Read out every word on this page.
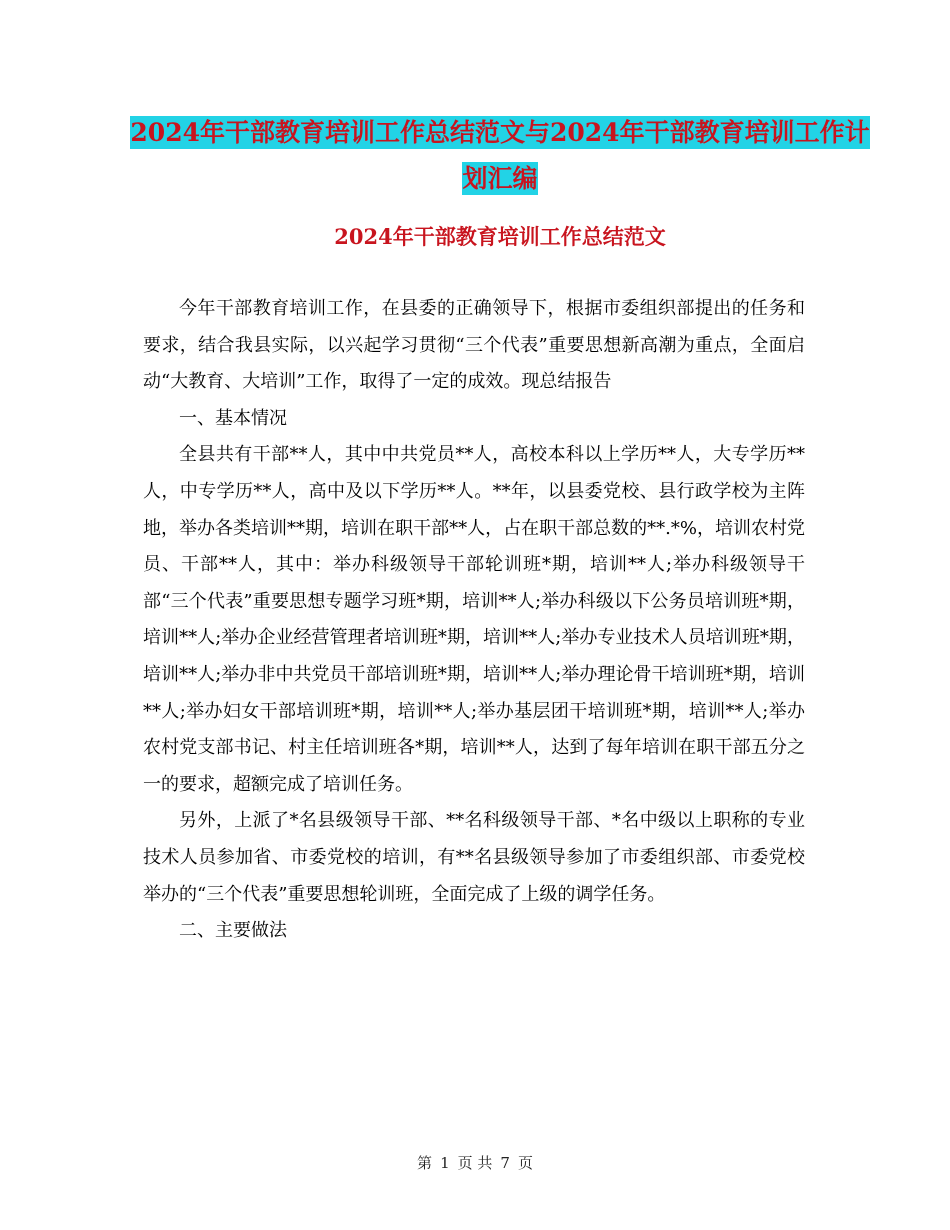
2024年干部教育培训工作总结范文与2024年干部教育培训工作计划汇编
2024年干部教育培训工作总结范文

今年干部教育培训工作，在县委的正确领导下，根据市委组织部提出的任务和要求，结合我县实际，以兴起学习贯彻“三个代表”重要思想新高潮为重点，全面启动“大教育、大培训”工作，取得了一定的成效。现总结报告

一、基本情况

全县共有干部**人，其中中共党员**人，高校本科以上学历**人，大专学历**人，中专学历**人，高中及以下学历**人。**年，以县委党校、县行政学校为主阵地，举办各类培训**期，培训在职干部**人，占在职干部总数的**.*%，培训农村党员、干部**人，其中：举办科级领导干部轮训班*期，培训**人;举办科级领导干部“三个代表”重要思想专题学习班*期，培训**人;举办科级以下公务员培训班*期，培训**人;举办企业经营管理者培训班*期，培训**人;举办专业技术人员培训班*期，培训**人;举办非中共党员干部培训班*期，培训**人;举办理论骨干培训班*期，培训**人;举办妇女干部培训班*期，培训**人;举办基层团干培训班*期，培训**人;举办农村党支部书记、村主任培训班各*期，培训**人，达到了每年培训在职干部五分之一的要求，超额完成了培训任务。

另外，上派了*名县级领导干部、**名科级领导干部、*名中级以上职称的专业技术人员参加省、市委党校的培训，有**名县级领导参加了市委组织部、市委党校举办的“三个代表”重要思想轮训班，全面完成了上级的调学任务。

二、主要做法

第 1 页 共 7 页
